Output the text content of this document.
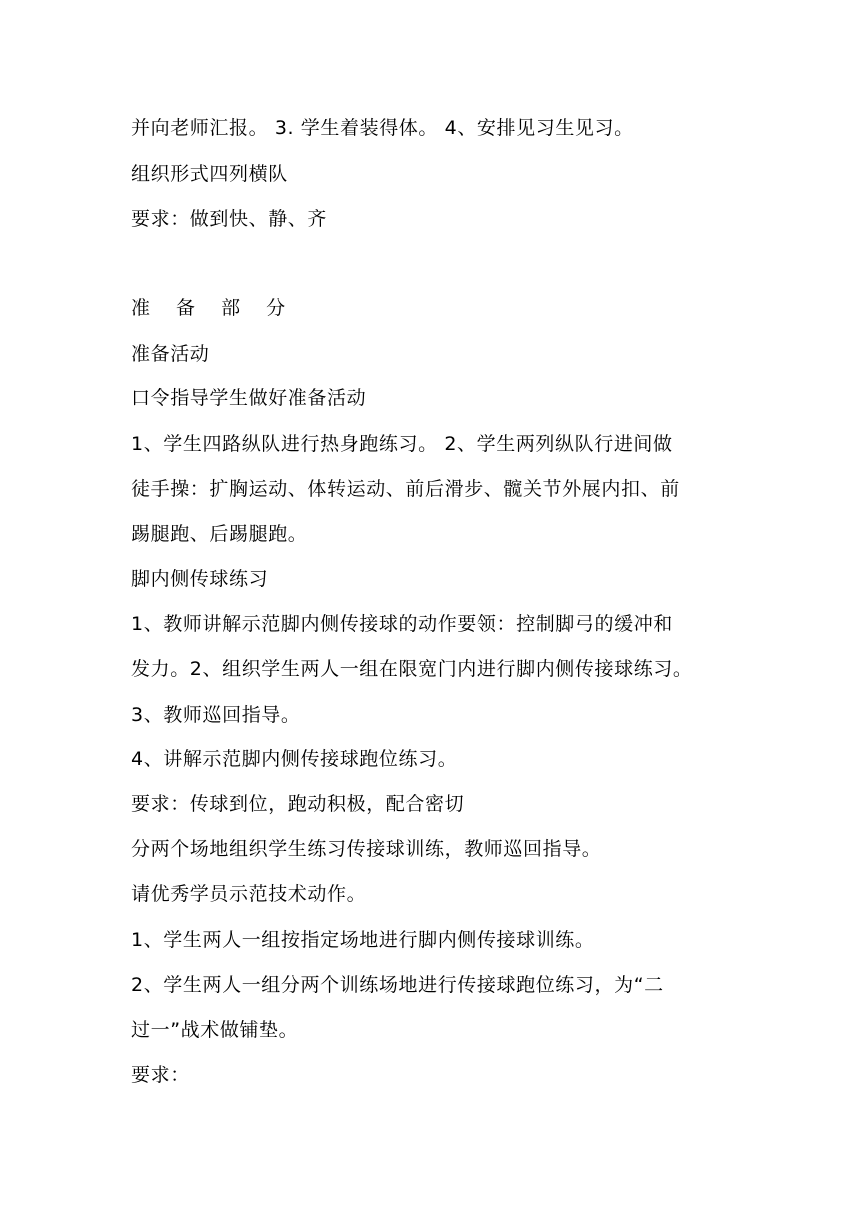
并向老师汇报。 3. 学生着装得体。 4、安排见习生见习。
组织形式四列横队
要求：做到快、静、齐
准 备 部 分
准备活动
口令指导学生做好准备活动
1、学生四路纵队进行热身跑练习。 2、学生两列纵队行进间做
徒手操：扩胸运动、体转运动、前后滑步、髋关节外展内扣、前
踢腿跑、后踢腿跑。
脚内侧传球练习
1、教师讲解示范脚内侧传接球的动作要领：控制脚弓的缓冲和
发力。2、组织学生两人一组在限宽门内进行脚内侧传接球练习。
3、教师巡回指导。
4、讲解示范脚内侧传接球跑位练习。
要求：传球到位，跑动积极，配合密切
分两个场地组织学生练习传接球训练，教师巡回指导。
请优秀学员示范技术动作。
1、学生两人一组按指定场地进行脚内侧传接球训练。
2、学生两人一组分两个训练场地进行传接球跑位练习，为“二
过一”战术做铺垫。
要求：
